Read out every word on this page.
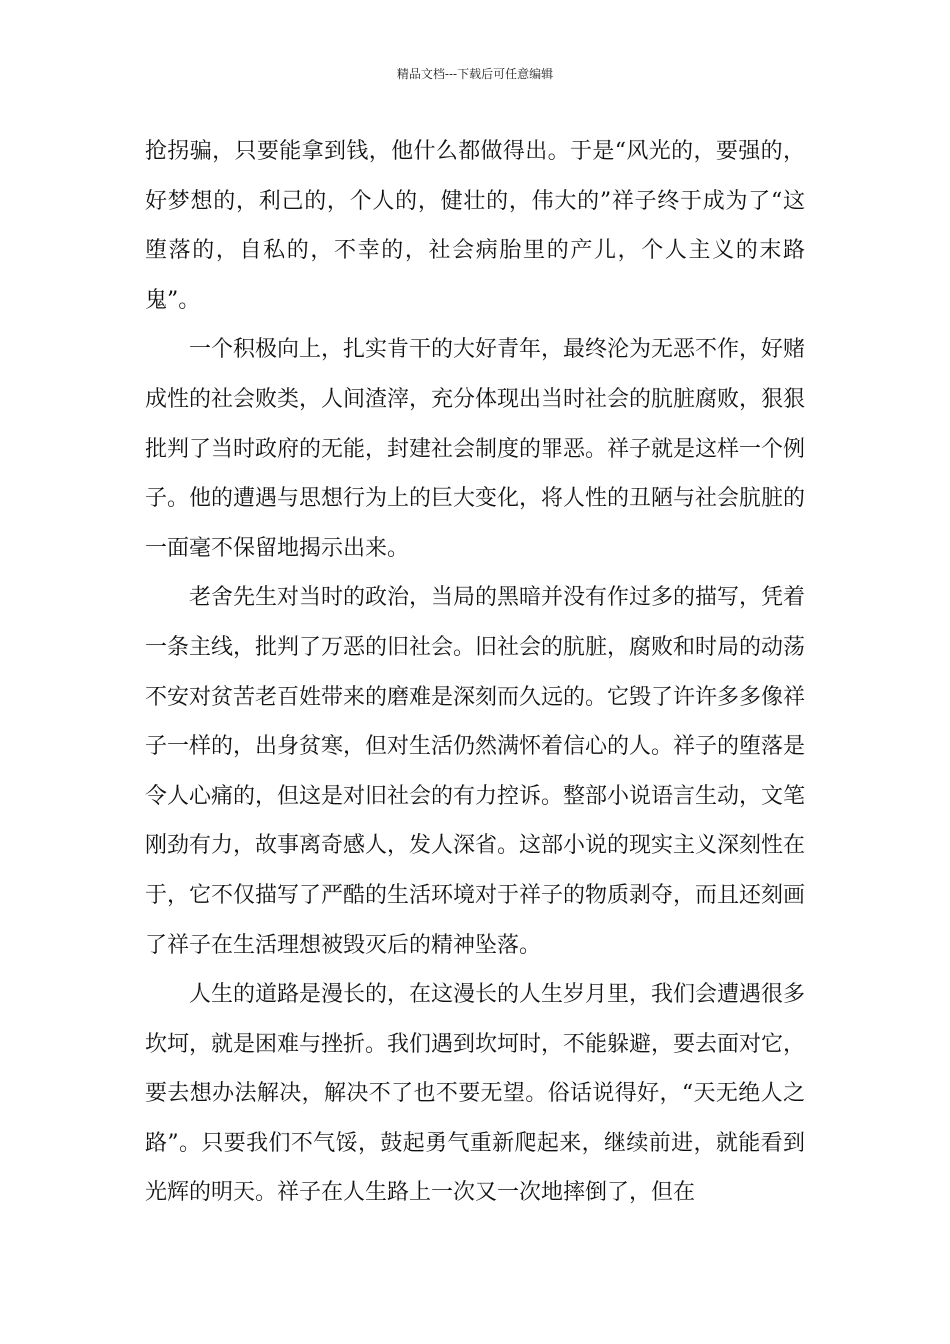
精品文档---下载后可任意编辑

抢拐骗，只要能拿到钱，他什么都做得出。于是“风光的，要强的，好梦想的，利己的，个人的，健壮的，伟大的”祥子终于成为了“这堕落的，自私的，不幸的，社会病胎里的产儿，个人主义的末路鬼”。

一个积极向上，扎实肯干的大好青年，最终沦为无恶不作，好赌成性的社会败类，人间渣滓，充分体现出当时社会的肮脏腐败，狠狠批判了当时政府的无能，封建社会制度的罪恶。祥子就是这样一个例子。他的遭遇与思想行为上的巨大变化，将人性的丑陋与社会肮脏的一面毫不保留地揭示出来。

老舍先生对当时的政治，当局的黑暗并没有作过多的描写，凭着一条主线，批判了万恶的旧社会。旧社会的肮脏，腐败和时局的动荡不安对贫苦老百姓带来的磨难是深刻而久远的。它毁了许许多多像祥子一样的，出身贫寒，但对生活仍然满怀着信心的人。祥子的堕落是令人心痛的，但这是对旧社会的有力控诉。整部小说语言生动，文笔刚劲有力，故事离奇感人，发人深省。这部小说的现实主义深刻性在于，它不仅描写了严酷的生活环境对于祥子的物质剥夺，而且还刻画了祥子在生活理想被毁灭后的精神坠落。

人生的道路是漫长的，在这漫长的人生岁月里，我们会遭遇很多坎坷，就是困难与挫折。我们遇到坎坷时，不能躲避，要去面对它，要去想办法解决，解决不了也不要无望。俗话说得好，“天无绝人之路”。只要我们不气馁，鼓起勇气重新爬起来，继续前进，就能看到光辉的明天。祥子在人生路上一次又一次地摔倒了，但在
